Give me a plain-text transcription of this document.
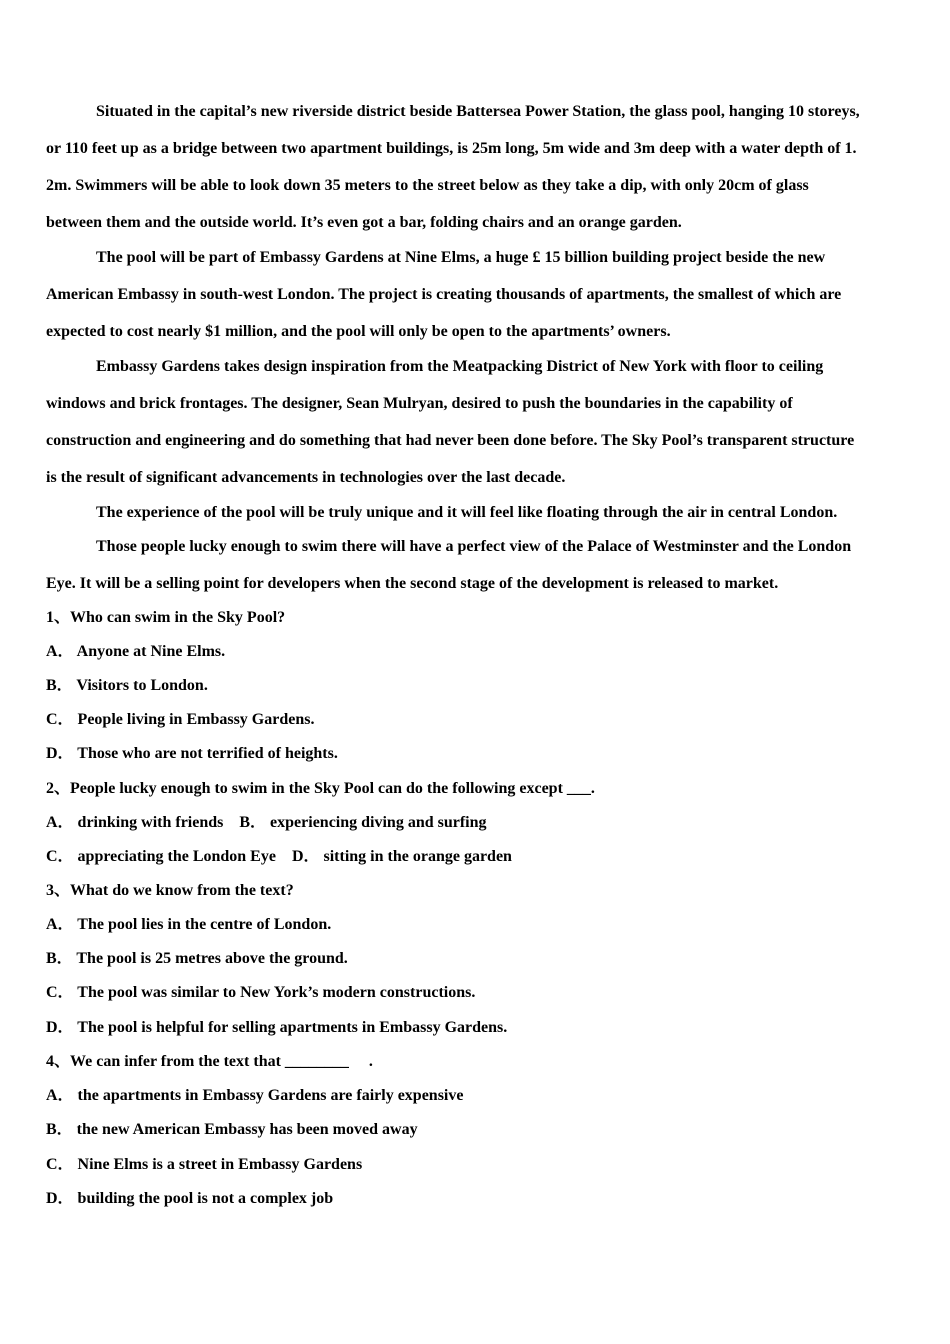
Situated in the capital’s new riverside district beside Battersea Power Station, the glass pool, hanging 10 storeys,

or 110 feet up as a bridge between two apartment buildings, is 25m long, 5m wide and 3m deep with a water depth of 1.

2m. Swimmers will be able to look down 35 meters to the street below as they take a dip, with only 20cm of glass

between them and the outside world. It’s even got a bar, folding chairs and an orange garden.

The pool will be part of Embassy Gardens at Nine Elms, a huge £ 15 billion building project beside the new

American Embassy in south-west London. The project is creating thousands of apartments, the smallest of which are

expected to cost nearly $1 million, and the pool will only be open to the apartments’ owners.

Embassy Gardens takes design inspiration from the Meatpacking District of New York with floor to ceiling

windows and brick frontages. The designer, Sean Mulryan, desired to push the boundaries in the capability of

construction and engineering and do something that had never been done before. The Sky Pool’s transparent structure

is the result of significant advancements in technologies over the last decade.

The experience of the pool will be truly unique and it will feel like floating through the air in central London.

Those people lucky enough to swim there will have a perfect view of the Palace of Westminster and the London

Eye. It will be a selling point for developers when the second stage of the development is released to market.

1、Who can swim in the Sky Pool?

A． Anyone at Nine Elms.

B． Visitors to London.

C． People living in Embassy Gardens.

D． Those who are not terrified of heights.

2、People lucky enough to swim in the Sky Pool can do the following except ___.

A． drinking with friends　B． experiencing diving and surfing

C． appreciating the London Eye　D． sitting in the orange garden

3、What do we know from the text?

A． The pool lies in the centre of London.

B． The pool is 25 metres above the ground.

C． The pool was similar to New York’s modern constructions.

D． The pool is helpful for selling apartments in Embassy Gardens.

4、We can infer from the text that ________　 .

A． the apartments in Embassy Gardens are fairly expensive

B． the new American Embassy has been moved away

C． Nine Elms is a street in Embassy Gardens

D． building the pool is not a complex job
